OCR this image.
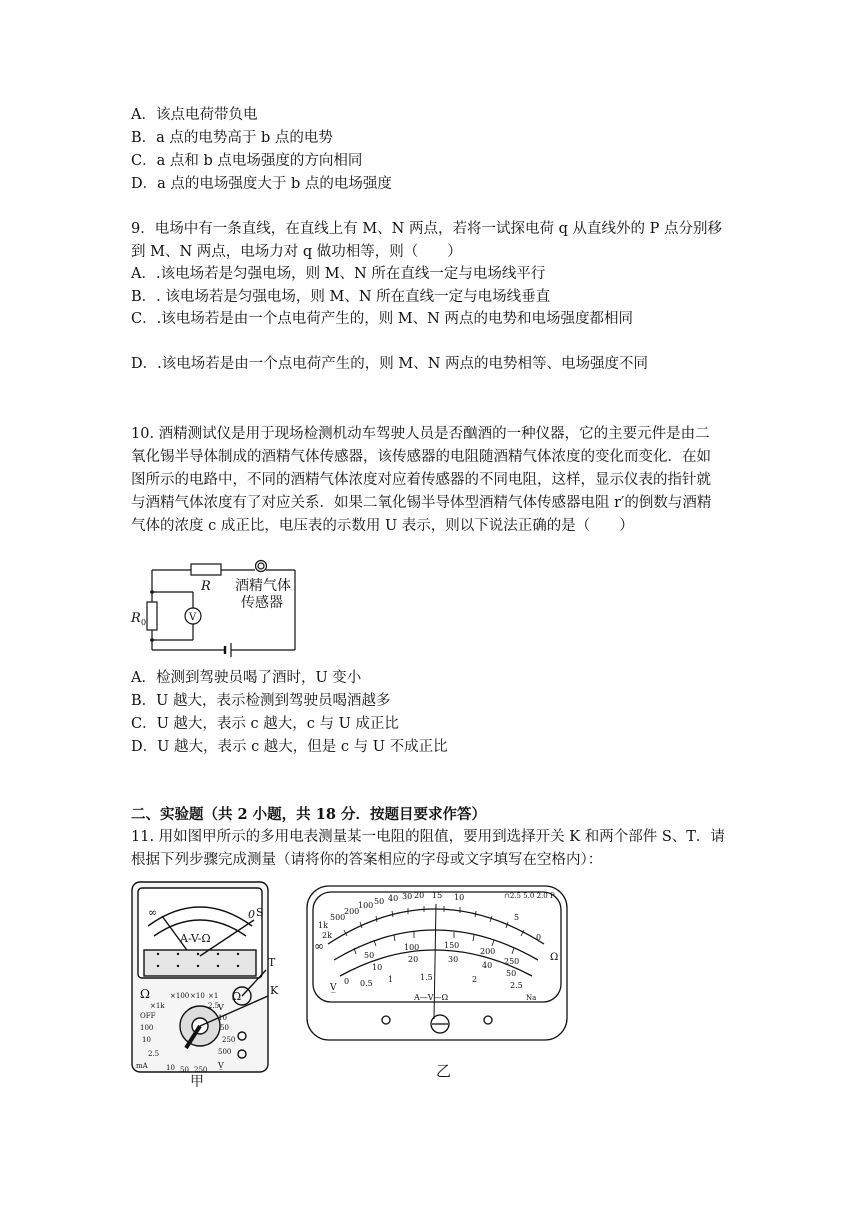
A．该点电荷带负电
B．a 点的电势高于 b 点的电势
C．a 点和 b 点电场强度的方向相同
D．a 点的电场强度大于 b 点的电场强度
9．电场中有一条直线，在直线上有 M、N 两点，若将一试探电荷 q 从直线外的 P 点分别移
到 M、N 两点，电场力对 q 做功相等，则（　　）
A．.该电场若是匀强电场，则 M、N 所在直线一定与电场线平行
B．. 该电场若是匀强电场，则 M、N 所在直线一定与电场线垂直
C．.该电场若是由一个点电荷产生的，则 M、N 两点的电势和电场强度都相同
D．.该电场若是由一个点电荷产生的，则 M、N 两点的电势相等、电场强度不同
10. 酒精测试仪是用于现场检测机动车驾驶人员是否酗酒的一种仪器，它的主要元件是由二
氧化锡半导体制成的酒精气体传感器，该传感器的电阻随酒精气体浓度的变化而变化．在如
图所示的电路中，不同的酒精气体浓度对应着传感器的不同电阻，这样，显示仪表的指针就
与酒精气体浓度有了对应关系．如果二氧化锡半导体型酒精气体传感器电阻 r′的倒数与酒精
气体的浓度 c 成正比，电压表的示数用 U 表示，则以下说法正确的是（　　）
R
R 0	V
酒精气体
传感器
A．检测到驾驶员喝了酒时，U 变小
B．U 越大，表示检测到驾驶员喝酒越多
C．U 越大，表示 c 越大，c 与 U 成正比
D．U 越大，表示 c 越大，但是 c 与 U 不成正比
二、实验题（共 2 小题，共 18 分．按题目要求作答）
11. 用如图甲所示的多用电表测量某一电阻的阻值，要用到选择开关 K 和两个部件 S、T．请
根据下列步骤完成测量（请将你的答案相应的字母或文字填写在空格内）：
A-V-Ω
∞	0 S
T
K
Ω	Ω
×1k
×100 ×10 ×1
2.5
OFF
100
10
2.5
mA
V
10
50
250
500
10 50 250 V̲
甲
1k
2k
500
200
100 50 40 30 20 15 10
5
0
∩2.5 5.0 2.0 P
∞
Ω
100	150
200
250
50	20	30
40
50
10
0 0.5 1	1.5	2
2.5
V̲
A—V—Ω	Na
乙
